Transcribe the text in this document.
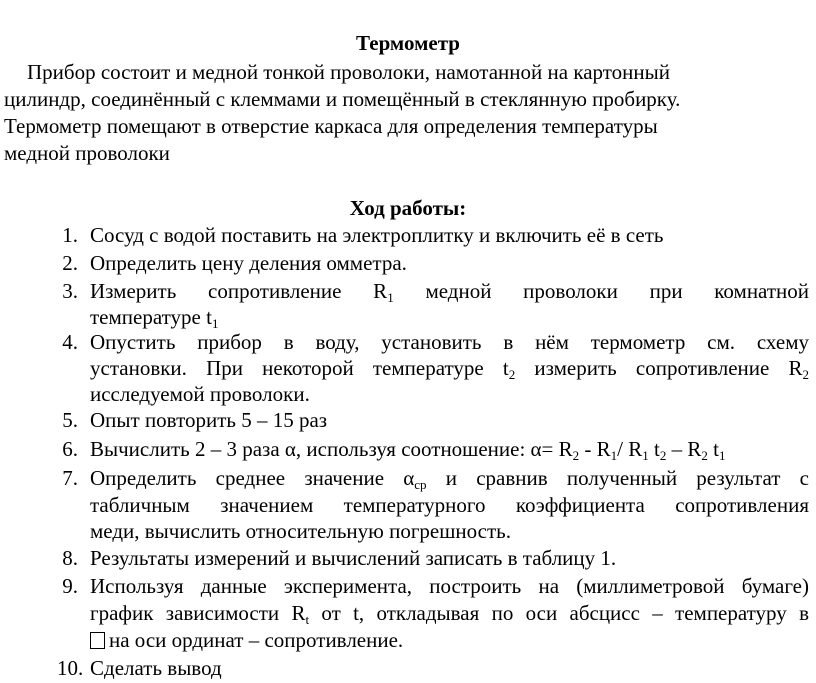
Термометр
Прибор состоит и медной тонкой проволоки, намотанной на картонный
цилиндр, соединённый с клеммами и помещённый в стеклянную пробирку.
Термометр помещают в отверстие каркаса для определения температуры
медной проволоки
Ход работы:
1. Сосуд с водой поставить на электроплитку и включить её в сеть
2. Определить цену деления омметра.
3. Измерить сопротивление $R_1$ медной проволоки при комнатной
температуре $t_1$
4. Опустить прибор в воду, установить в нём термометр см. схему
установки. При некоторой температуре $t_2$ измерить сопротивление $R_2$
исследуемой проволоки.
5. Опыт повторить 5 – 15 раз
6. Вычислить 2 – 3 раза α, используя соотношение: $\alpha= R_2 - R_1/$ $R_1$ $t_2 - R_2$ $t_1$
7. Определить среднее значение $\alpha_{ср}$ и сравнив полученный результат с
табличным значением температурного коэффициента сопротивления
меди, вычислить относительную погрешность.
8. Результаты измерений и вычислений записать в таблицу 1.
9. Используя данные эксперимента, построить на (миллиметровой бумаге)
график зависимости $R_t$ от t, откладывая по оси абсцисс – температуру в
на оси ординат – сопротивление.
10. Сделать вывод
